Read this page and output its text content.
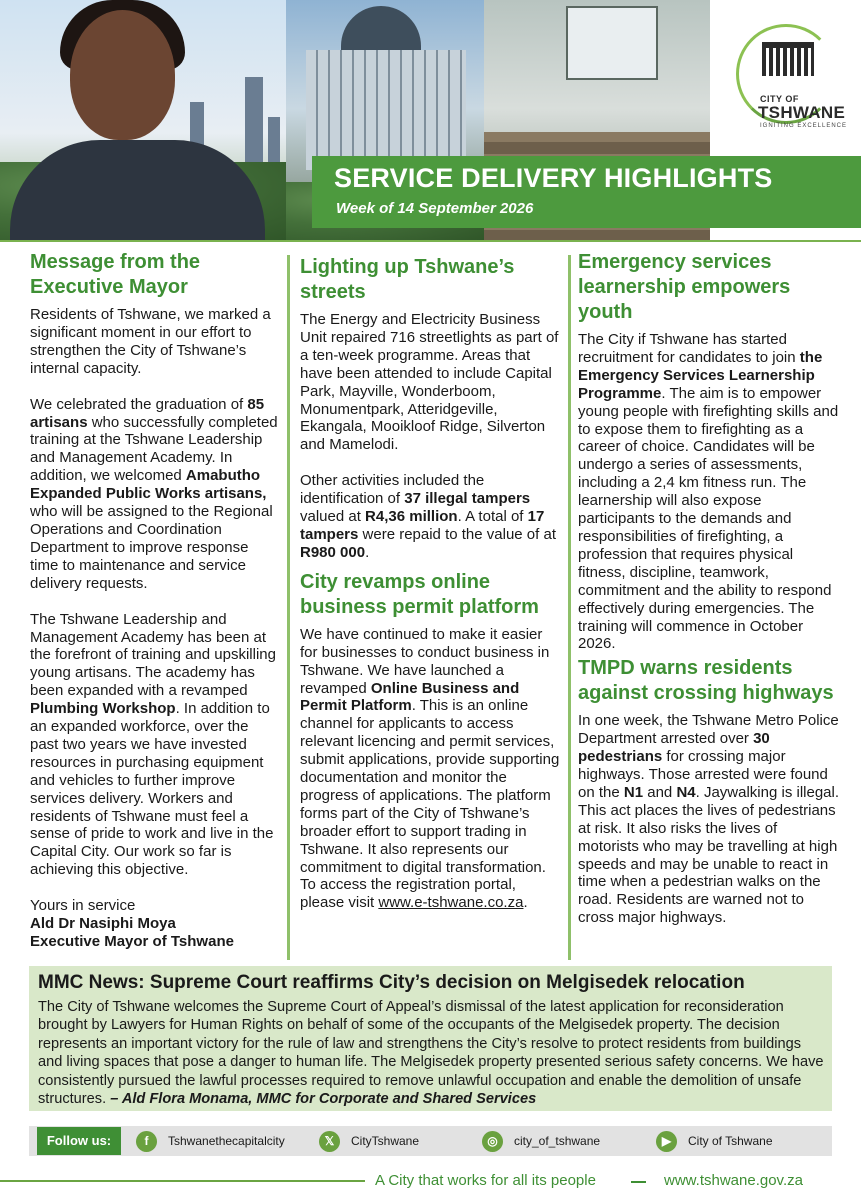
CITY OF
TSHWANE
IGNITING EXCELLENCE
SERVICE DELIVERY HIGHLIGHTS
Week of 14 September 2026
Message from the Executive Mayor

Residents of Tshwane, we marked a significant moment in our effort to strengthen the City of Tshwane’s internal capacity.

We celebrated the graduation of 85 artisans who successfully completed training at the Tshwane Leadership and Management Academy. In addition, we welcomed Amabutho Expanded Public Works artisans, who will be assigned to the Regional Operations and Coordination Department to improve response time to maintenance and service delivery requests.

The Tshwane Leadership and Management Academy has been at the forefront of training and upskilling young artisans. The academy has been expanded with a revamped Plumbing Workshop. In addition to an expanded workforce, over the past two years we have invested resources in purchasing equipment and vehicles to further improve services delivery. Workers and residents of Tshwane must feel a sense of pride to work and live in the Capital City. Our work so far is achieving this objective.

Yours in service
Ald Dr Nasiphi Moya
Executive Mayor of Tshwane

Lighting up Tshwane’s streets

The Energy and Electricity Business Unit repaired 716 streetlights as part of a ten-week programme. Areas that have been attended to include Capital Park, Mayville, Wonderboom, Monumentpark, Atteridgeville, Ekangala, Mooikloof Ridge, Silverton and Mamelodi.

Other activities included the identification of 37 illegal tampers valued at R4,36 million. A total of 17 tampers were repaid to the value of at R980 000.

City revamps online business permit platform

We have continued to make it easier for businesses to conduct business in Tshwane. We have launched a revamped Online Business and Permit Platform. This is an online channel for applicants to access relevant licencing and permit services, submit applications, provide supporting documentation and monitor the progress of applications. The platform forms part of the City of Tshwane’s broader effort to support trading in Tshwane. It also represents our commitment to digital transformation. To access the registration portal, please visit www.e-tshwane.co.za.

Emergency services learnership empowers youth

The City if Tshwane has started recruitment for candidates to join the Emergency Services Learnership Programme. The aim is to empower young people with firefighting skills and to expose them to firefighting as a career of choice. Candidates will be undergo a series of assessments, including a 2,4 km fitness run. The learnership will also expose participants to the demands and responsibilities of firefighting, a profession that requires physical fitness, discipline, teamwork, commitment and the ability to respond effectively during emergencies. The training will commence in October 2026.

TMPD warns residents against crossing highways

In one week, the Tshwane Metro Police Department arrested over 30 pedestrians for crossing major highways. Those arrested were found on the N1 and N4. Jaywalking is illegal. This act places the lives of pedestrians at risk. It also risks the lives of motorists who may be travelling at high speeds and may be unable to react in time when a pedestrian walks on the road. Residents are warned not to cross major highways.

MMC News: Supreme Court reaffirms City’s decision on Melgisedek relocation

The City of Tshwane welcomes the Supreme Court of Appeal’s dismissal of the latest application for reconsideration brought by Lawyers for Human Rights on behalf of some of the occupants of the Melgisedek property. The decision represents an important victory for the rule of law and strengthens the City’s resolve to protect residents from buildings and living spaces that pose a danger to human life. The Melgisedek property presented serious safety concerns. We have consistently pursued the lawful processes required to remove unlawful occupation and enable the demolition of unsafe structures. – Ald Flora Monama, MMC for Corporate and Shared Services

Follow us:	f	Tshwanethecapitalcity	𝕏	CityTshwane	◎	city_of_tshwane	▶	City of Tshwane
A City that works for all its people	www.tshwane.gov.za
